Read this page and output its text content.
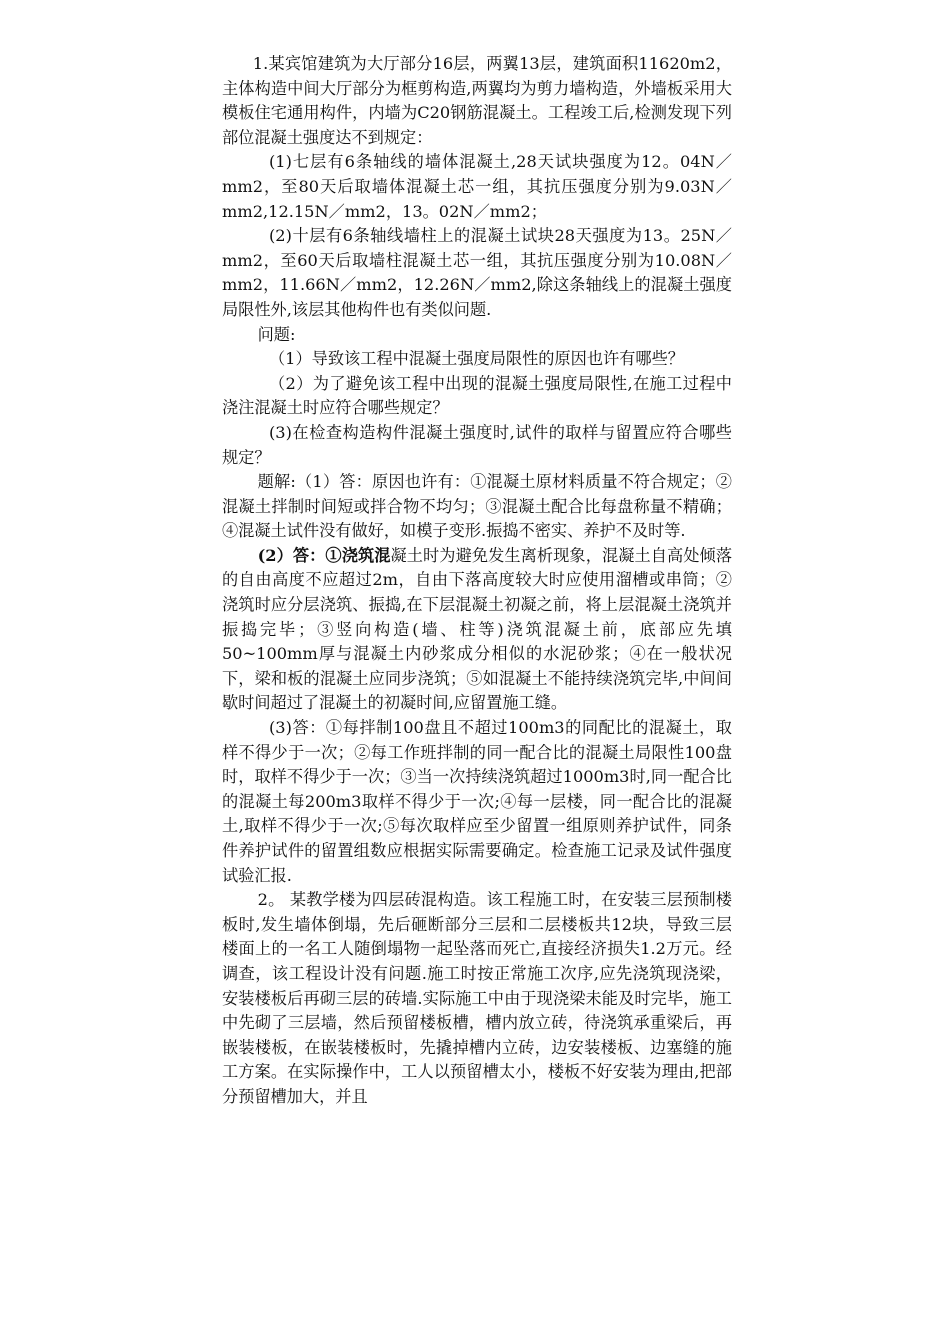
1.某宾馆建筑为大厅部分16层，两翼13层，建筑面积11620m2，主体构造中间大厅部分为框剪构造,两翼均为剪力墙构造，外墙板采用大模板住宅通用构件，内墙为C20钢筋混凝土。工程竣工后,检测发现下列部位混凝土强度达不到规定：

(1)七层有6条轴线的墙体混凝土,28天试块强度为12。04N／mm2，至80天后取墙体混凝土芯一组，其抗压强度分别为9.03N／mm2,12.15N／mm2，13。02N／mm2；

(2)十层有6条轴线墙柱上的混凝土试块28天强度为13。25N／mm2，至60天后取墙柱混凝土芯一组，其抗压强度分别为10.08N／mm2，11.66N／mm2，12.26N／mm2,除这条轴线上的混凝土强度局限性外,该层其他构件也有类似问题.

问题:

（1）导致该工程中混凝土强度局限性的原因也许有哪些？

（2）为了避免该工程中出现的混凝土强度局限性,在施工过程中浇注混凝土时应符合哪些规定？

(3)在检查构造构件混凝土强度时,试件的取样与留置应符合哪些规定？

题解:（1）答：原因也许有：①混凝土原材料质量不符合规定；②混凝土拌制时间短或拌合物不均匀；③混凝土配合比每盘称量不精确；④混凝土试件没有做好，如模子变形.振捣不密实、养护不及时等.

(2）答：①浇筑混凝土时为避免发生离析现象，混凝土自高处倾落的自由高度不应超过2m，自由下落高度较大时应使用溜槽或串筒；②浇筑时应分层浇筑、振捣,在下层混凝土初凝之前，将上层混凝土浇筑并振捣完毕；③竖向构造(墙、柱等)浇筑混凝土前，底部应先填50~100mm厚与混凝土内砂浆成分相似的水泥砂浆；④在一般状况下，梁和板的混凝土应同步浇筑；⑤如混凝土不能持续浇筑完毕,中间间歇时间超过了混凝土的初凝时间,应留置施工缝。

(3)答：①每拌制100盘且不超过100m3的同配比的混凝土，取样不得少于一次；②每工作班拌制的同一配合比的混凝土局限性100盘时，取样不得少于一次；③当一次持续浇筑超过1000m3时,同一配合比的混凝土每200m3取样不得少于一次;④每一层楼，同一配合比的混凝土,取样不得少于一次;⑤每次取样应至少留置一组原则养护试件，同条件养护试件的留置组数应根据实际需要确定。检查施工记录及试件强度试验汇报.

2。 某教学楼为四层砖混构造。该工程施工时，在安装三层预制楼板时,发生墙体倒塌，先后砸断部分三层和二层楼板共12块，导致三层楼面上的一名工人随倒塌物一起坠落而死亡,直接经济损失1.2万元。经调查，该工程设计没有问题.施工时按正常施工次序,应先浇筑现浇梁，安装楼板后再砌三层的砖墙.实际施工中由于现浇梁未能及时完毕，施工中先砌了三层墙，然后预留楼板槽，槽内放立砖，待浇筑承重梁后，再嵌装楼板，在嵌装楼板时，先撬掉槽内立砖，边安装楼板、边塞缝的施工方案。在实际操作中，工人以预留槽太小，楼板不好安装为理由,把部分预留槽加大，并且
